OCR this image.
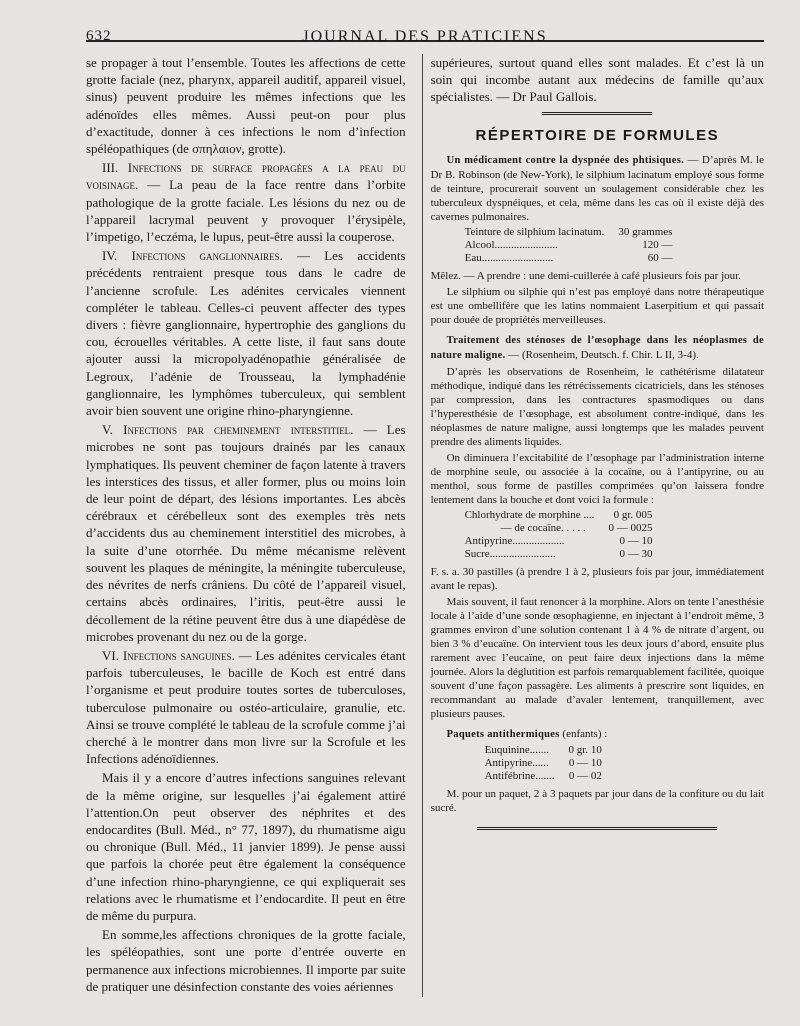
632	JOURNAL DES PRATICIENS

se propager à tout l’ensemble. Toutes les affections de cette grotte faciale (nez, pharynx, appareil auditif, appareil visuel, sinus) peuvent produire les mêmes infections que les adénoïdes elles mêmes. Aussi peut-on pour plus d’exactitude, donner à ces infections le nom d’infection spéléopathiques (de σπηλαιον, grotte).

III. Infections de surface propagées a la peau du voisinage. — La peau de la face rentre dans l’orbite pathologique de la grotte faciale. Les lésions du nez ou de l’appareil lacrymal peuvent y provoquer l’érysipèle, l’impetigo, l’eczéma, le lupus, peut-être aussi la couperose.

IV. Infections ganglionnaires. — Les accidents précédents rentraient presque tous dans le cadre de l’ancienne scrofule. Les adénites cervicales viennent compléter le tableau. Celles-ci peuvent affecter des types divers : fièvre ganglionnaire, hypertrophie des ganglions du cou, écrouelles véritables. A cette liste, il faut sans doute ajouter aussi la micropolyadénopathie généralisée de Legroux, l’adénie de Trousseau, la lymphadénie ganglionnaire, les lymphômes tuberculeux, qui semblent avoir bien souvent une origine rhino-pharyngienne.

V. Infections par cheminement interstitiel. — Les microbes ne sont pas toujours drainés par les canaux lymphatiques. Ils peuvent cheminer de façon latente à travers les interstices des tissus, et aller former, plus ou moins loin de leur point de départ, des lésions importantes. Les abcès cérébraux et cérébelleux sont des exemples très nets d’accidents dus au cheminement interstitiel des microbes, à la suite d’une otorrhée. Du même mécanisme relèvent souvent les plaques de méningite, la méningite tuberculeuse, des névrites de nerfs crâniens. Du côté de l’appareil visuel, certains abcès ordinaires, l’iritis, peut-être aussi le décollement de la rétine peuvent être dus à une diapédèse de microbes provenant du nez ou de la gorge.

VI. Infections sanguines. — Les adénites cervicales étant parfois tuberculeuses, le bacille de Koch est entré dans l’organisme et peut produire toutes sortes de tuberculoses, tuberculose pulmonaire ou ostéo-articulaire, granulie, etc. Ainsi se trouve complété le tableau de la scrofule comme j’ai cherché à le montrer dans mon livre sur la Scrofule et les Infections adénoïdiennes.

Mais il y a encore d’autres infections sanguines relevant de la même origine, sur lesquelles j’ai également attiré l’attention.On peut observer des néphrites et des endocardites (Bull. Méd., n° 77, 1897), du rhumatisme aigu ou chronique (Bull. Méd., 11 janvier 1899). Je pense aussi que parfois la chorée peut être également la conséquence d’une infection rhino-pharyngienne, ce qui expliquerait ses relations avec le rhumatisme et l’endocardite. Il peut en être de même du purpura.

En somme,les affections chroniques de la grotte faciale, les spéléopathies, sont une porte d’entrée ouverte en permanence aux infections microbiennes. Il importe par suite de pratiquer une désinfection constante des voies aériennes

supérieures, surtout quand elles sont malades. Et c’est là un soin qui incombe autant aux médecins de famille qu’aux spécialistes. — Dr Paul Gallois.

RÉPERTOIRE DE FORMULES

Un médicament contre la dyspnée des phtisiques. — D’après M. le Dr B. Robinson (de New-York), le silphium lacinatum employé sous forme de teinture, procurerait souvent un soulagement considérable chez les tuberculeux dyspnéiques, et cela, même dans les cas où il existe déjà des cavernes pulmonaires.

Teinture de silphium lacinatum.	30 grammes
Alcool.......................	120 —
Eau..........................	60 —

Mêlez. — A prendre : une demi-cuillerée à café plusieurs fois par jour.

Le silphium ou silphie qui n’est pas employé dans notre thérapeutique est une ombellifère que les latins nommaient Laserpitium et qui passait pour douée de propriétés merveilleuses.

Traitement des sténoses de l’œsophage dans les néoplasmes de nature maligne. — (Rosenheim, Deutsch. f. Chir. L II, 3-4).

D’après les observations de Rosenheim, le cathétérisme dilatateur méthodique, indiqué dans les rétrécissements cicatriciels, dans les sténoses par compression, dans les contractures spasmodiques ou dans l’hyperesthésie de l’œsophage, est absolument contre-indiqué, dans les néoplasmes de nature maligne, aussi longtemps que les malades peuvent prendre des aliments liquides.

On diminuera l’excitabilité de l’œsophage par l’administration interne de morphine seule, ou associée à la cocaïne, ou à l’antipyrine, ou au menthol, sous forme de pastilles comprimées qu’on laissera fondre lentement dans la bouche et dont voici la formule :

Chlorhydrate de morphine ....	0 gr. 005
— de cocaïne. . . . .	0 — 0025
Antipyrine...................	0 — 10
Sucre........................	0 — 30

F. s. a. 30 pastilles (à prendre 1 à 2, plusieurs fois par jour, immédiatement avant le repas).

Mais souvent, il faut renoncer à la morphine. Alors on tente l’anesthésie locale à l’aide d’une sonde œsophagienne, en injectant à l’endroit même, 3 grammes environ d’une solution contenant 1 à 4 % de nitrate d’argent, ou bien 3 % d’eucaïne. On intervient tous les deux jours d’abord, ensuite plus rarement avec l’eucaïne, on peut faire deux injections dans la même journée. Alors la déglutition est parfois remarquablement facilitée, quoique souvent d’une façon passagère. Les aliments à prescrire sont liquides, en recommandant au malade d’avaler lentement, tranquillement, avec plusieurs pauses.

Paquets antithermiques (enfants) :

Euquinine.......	0 gr. 10
Antipyrine......	0 — 10
Antifébrine.......	0 — 02

M. pour un paquet, 2 à 3 paquets par jour dans de la confiture ou du lait sucré.
